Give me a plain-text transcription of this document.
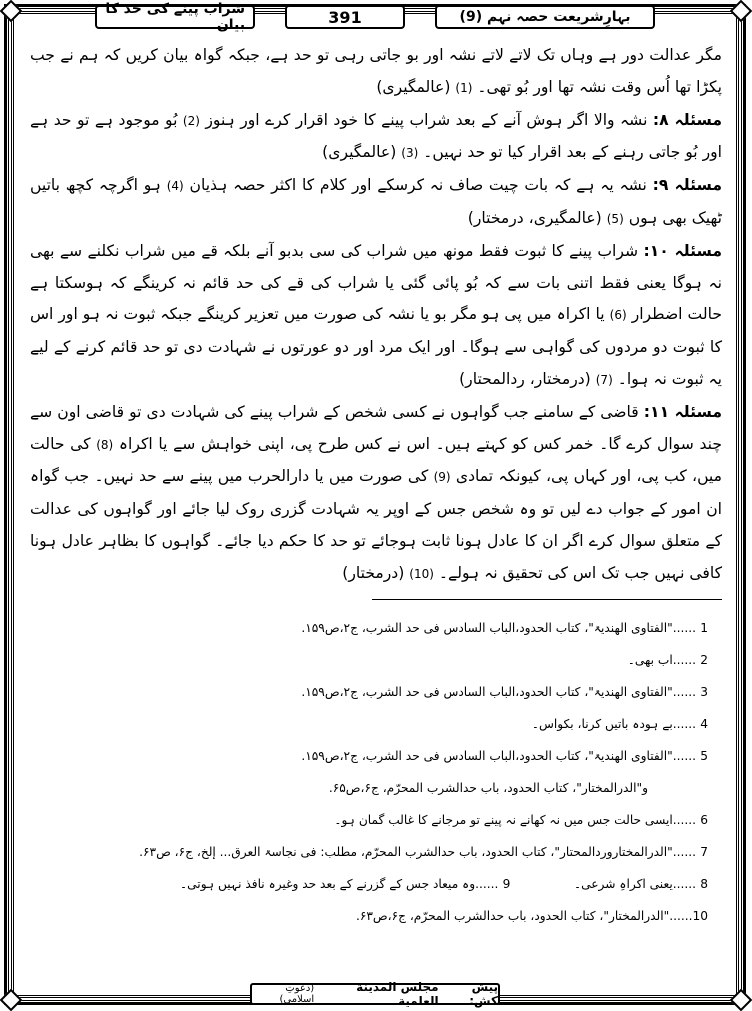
شراب پینے کی حد کا بیان	391	بہارِشریعت حصہ نہم (9)

مگر عدالت دور ہے وہاں تک لاتے لاتے نشہ اور بو جاتی رہی تو حد ہے، جبکہ گواہ بیان کریں کہ ہم نے جب پکڑا تھا اُس وقت نشہ تھا اور بُو تھی۔ (1) (عالمگیری)

مسئلہ ۸: نشہ والا اگر ہوش آنے کے بعد شراب پینے کا خود اقرار کرے اور ہنوز (2) بُو موجود ہے تو حد ہے اور بُو جاتی رہنے کے بعد اقرار کیا تو حد نہیں۔ (3) (عالمگیری)

مسئلہ ۹: نشہ یہ ہے کہ بات چیت صاف نہ کرسکے اور کلام کا اکثر حصہ ہذیان (4) ہو اگرچہ کچھ باتیں ٹھیک بھی ہوں (5) (عالمگیری، درمختار)

مسئلہ ۱۰: شراب پینے کا ثبوت فقط مونھ میں شراب کی سی بدبو آنے بلکہ قے میں شراب نکلنے سے بھی نہ ہوگا یعنی فقط اتنی بات سے کہ بُو پائی گئی یا شراب کی قے کی حد قائم نہ کرینگے کہ ہوسکتا ہے حالت اضطرار (6) یا اکراہ میں پی ہو مگر بو یا نشہ کی صورت میں تعزیر کرینگے جبکہ ثبوت نہ ہو اور اس کا ثبوت دو مردوں کی گواہی سے ہوگا۔ اور ایک مرد اور دو عورتوں نے شہادت دی تو حد قائم کرنے کے لیے یہ ثبوت نہ ہوا۔ (7) (درمختار، ردالمحتار)

مسئلہ ۱۱: قاضی کے سامنے جب گواہوں نے کسی شخص کے شراب پینے کی شہادت دی تو قاضی اون سے چند سوال کرے گا۔ خمر کس کو کہتے ہیں۔ اس نے کس طرح پی، اپنی خواہش سے یا اکراہ (8) کی حالت میں، کب پی، اور کہاں پی، کیونکہ تمادی (9) کی صورت میں یا دارالحرب میں پینے سے حد نہیں۔ جب گواہ ان امور کے جواب دے لیں تو وہ شخص جس کے اوپر یہ شہادت گزری روک لیا جائے اور گواہوں کی عدالت کے متعلق سوال کرے اگر ان کا عادل ہونا ثابت ہوجائے تو حد کا حکم دیا جائے۔ گواہوں کا بظاہر عادل ہونا کافی نہیں جب تک اس کی تحقیق نہ ہولے۔ (10) (درمختار)

1......"الفتاوی الھندیۃ"، کتاب الحدود،الباب السادس فی حد الشرب، ج۲،ص۱۵۹.
2......اب بھی۔
3......"الفتاوی الھندیۃ"، کتاب الحدود،الباب السادس فی حد الشرب، ج۲،ص۱۵۹.
4......بے ہودہ باتیں کرنا، بکواس۔
5......"الفتاوی الھندیۃ"، کتاب الحدود،الباب السادس فی حد الشرب، ج۲،ص۱۵۹.
و"الدرالمختار"، کتاب الحدود، باب حدالشرب المحرّم، ج۶،ص۶۵.
6......ایسی حالت جس میں نہ کھانے نہ پینے تو مرجانے کا غالب گمان ہو۔
7......"الدرالمختاروردالمحتار"، کتاب الحدود، باب حدالشرب المحرّم، مطلب: فی نجاسۃ العرق... إلخ، ج۶، ص۶۳.
8......یعنی اکراہِ شرعی۔
9......وہ میعاد جس کے گزرنے کے بعد حد وغیرہ نافذ نہیں ہوتی۔
10......"الدرالمختار"، کتاب الحدود، باب حدالشرب المحرّم، ج۶،ص۶۳.
پیش کش:

مجلس المدينة العلمية
(دعوتِ اسلامی)
